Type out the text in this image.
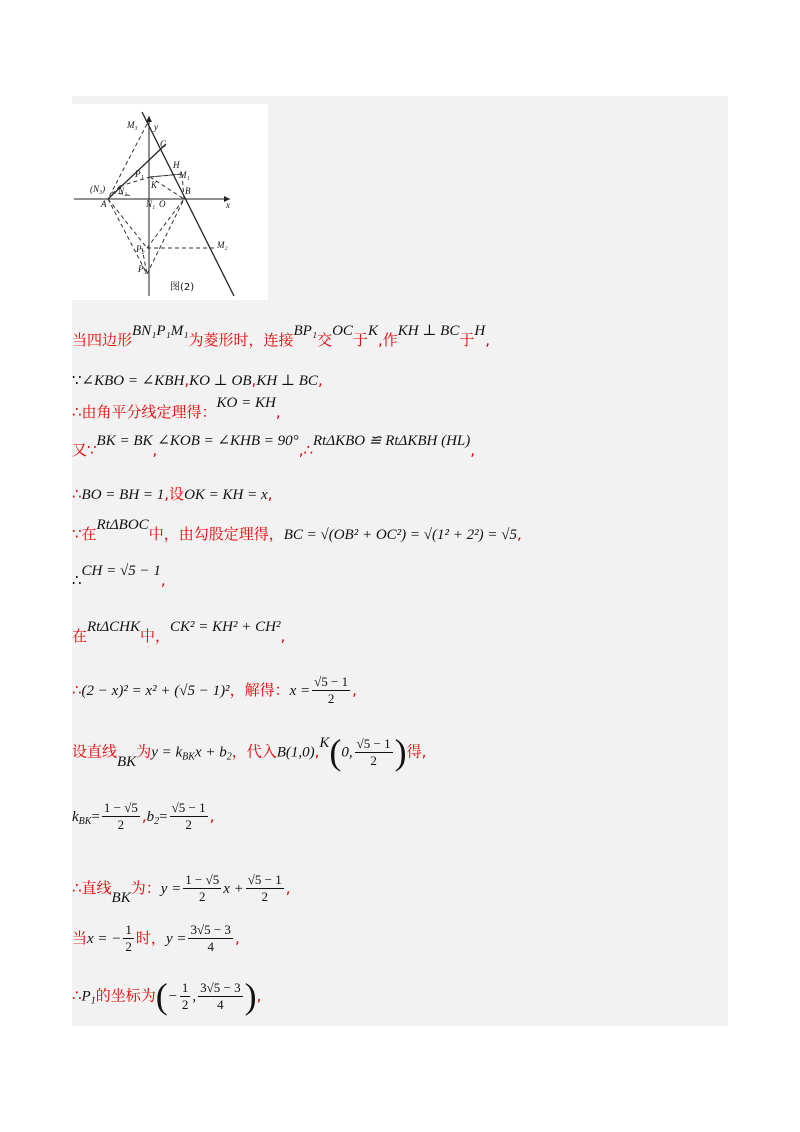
M₃ y
C
H
M₁
P₁
K
(N₃) N₂	B
A	N₁ O	x
M₂
P₂
P₃
图(2)
当四边形BN₁P₁M₁为菱形时，连接BP₁交OC于K,作KH ⊥ BC于H,
∵∠KBO = ∠KBH,KO ⊥ OB,KH ⊥ BC,
∴由角平分线定理得：KO = KH,
又∵BK = BK,∠KOB = ∠KHB = 90°,∴RtΔKBO ≌ RtΔKBH (HL),
∴BO = BH = 1,设OK = KH = x,
∵在RtΔBOC中，由勾股定理得，BC = √(OB² + OC²) = √(1² + 2²) = √5,
∴CH = √5 − 1,
在RtΔCHK中，CK² = KH² + CH²,
∴(2 − x)² = x² + (√5 − 1)²，解得：$x = \frac{√5 - 1}{2}$ ,
设直线BK为$y = k_{BK}x + b_2$，代入B(1,0),K(0, $\frac{√5 - 1}{2}$ )得,
$k_{BK}= \frac{1 - √5}{2} ,b_2= \frac{√5 - 1}{2}$ ,
∴直线BK为：$y = \frac{1 - √5}{2}$ $x + \frac{√5 - 1}{2}$ ,
当x = − $\frac{1}{2}$ 时，$y = \frac{3√5 - 3}{4}$ ,
$\therefore P_1$的坐标为(− $\frac{1}{2}$ , $\frac{3√5 - 3}{4}$ ),
